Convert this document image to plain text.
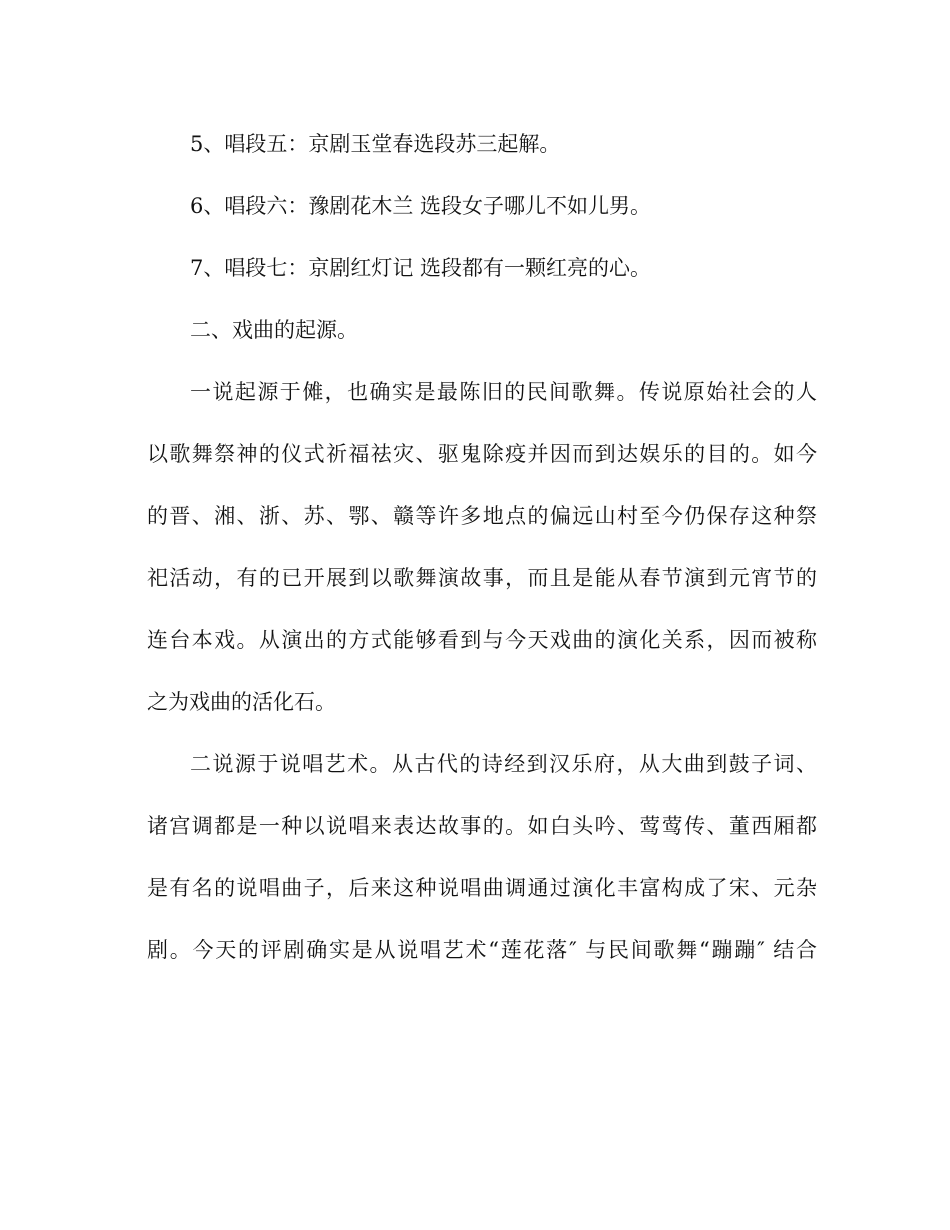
5、唱段五：京剧玉堂春选段苏三起解。
6、唱段六：豫剧花木兰 选段女子哪儿不如儿男。
7、唱段七：京剧红灯记 选段都有一颗红亮的心。
二、戏曲的起源。
一说起源于傩，也确实是最陈旧的民间歌舞。传说原始社会的人
以歌舞祭神的仪式祈福祛灾、驱鬼除疫并因而到达娱乐的目的。如今
的晋、湘、浙、苏、鄂、赣等许多地点的偏远山村至今仍保存这种祭
祀活动，有的已开展到以歌舞演故事，而且是能从春节演到元宵节的
连台本戏。从演出的方式能够看到与今天戏曲的演化关系，因而被称
之为戏曲的活化石。
二说源于说唱艺术。从古代的诗经到汉乐府，从大曲到鼓子词、
诸宫调都是一种以说唱来表达故事的。如白头吟、莺莺传、董西厢都
是有名的说唱曲子，后来这种说唱曲调通过演化丰富构成了宋、元杂
剧。今天的评剧确实是从说唱艺术“莲花落″ 与民间歌舞“蹦蹦″ 结合
